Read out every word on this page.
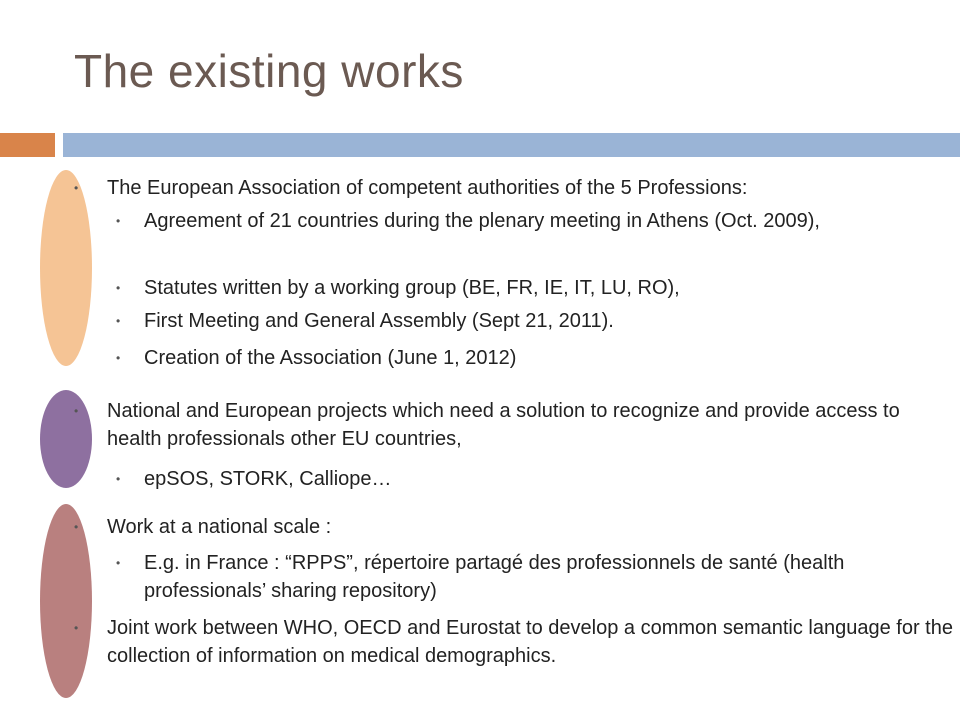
The existing works
• The European Association of competent authorities of the 5 Professions:
• Agreement of 21 countries during the plenary meeting in Athens (Oct. 2009),
• Statutes written by a working group (BE, FR, IE, IT, LU, RO),
• First Meeting and General Assembly (Sept 21, 2011).
• Creation of the Association (June 1, 2012)
• National and European projects which need a solution to recognize and provide access to health professionals other EU countries,
• epSOS, STORK, Calliope…
• Work at a national scale :
• E.g. in France : “RPPS”, répertoire partagé des professionnels de santé (health professionals’ sharing repository)
• Joint work between WHO, OECD and Eurostat to develop a common semantic language for the collection of information on medical demographics.
